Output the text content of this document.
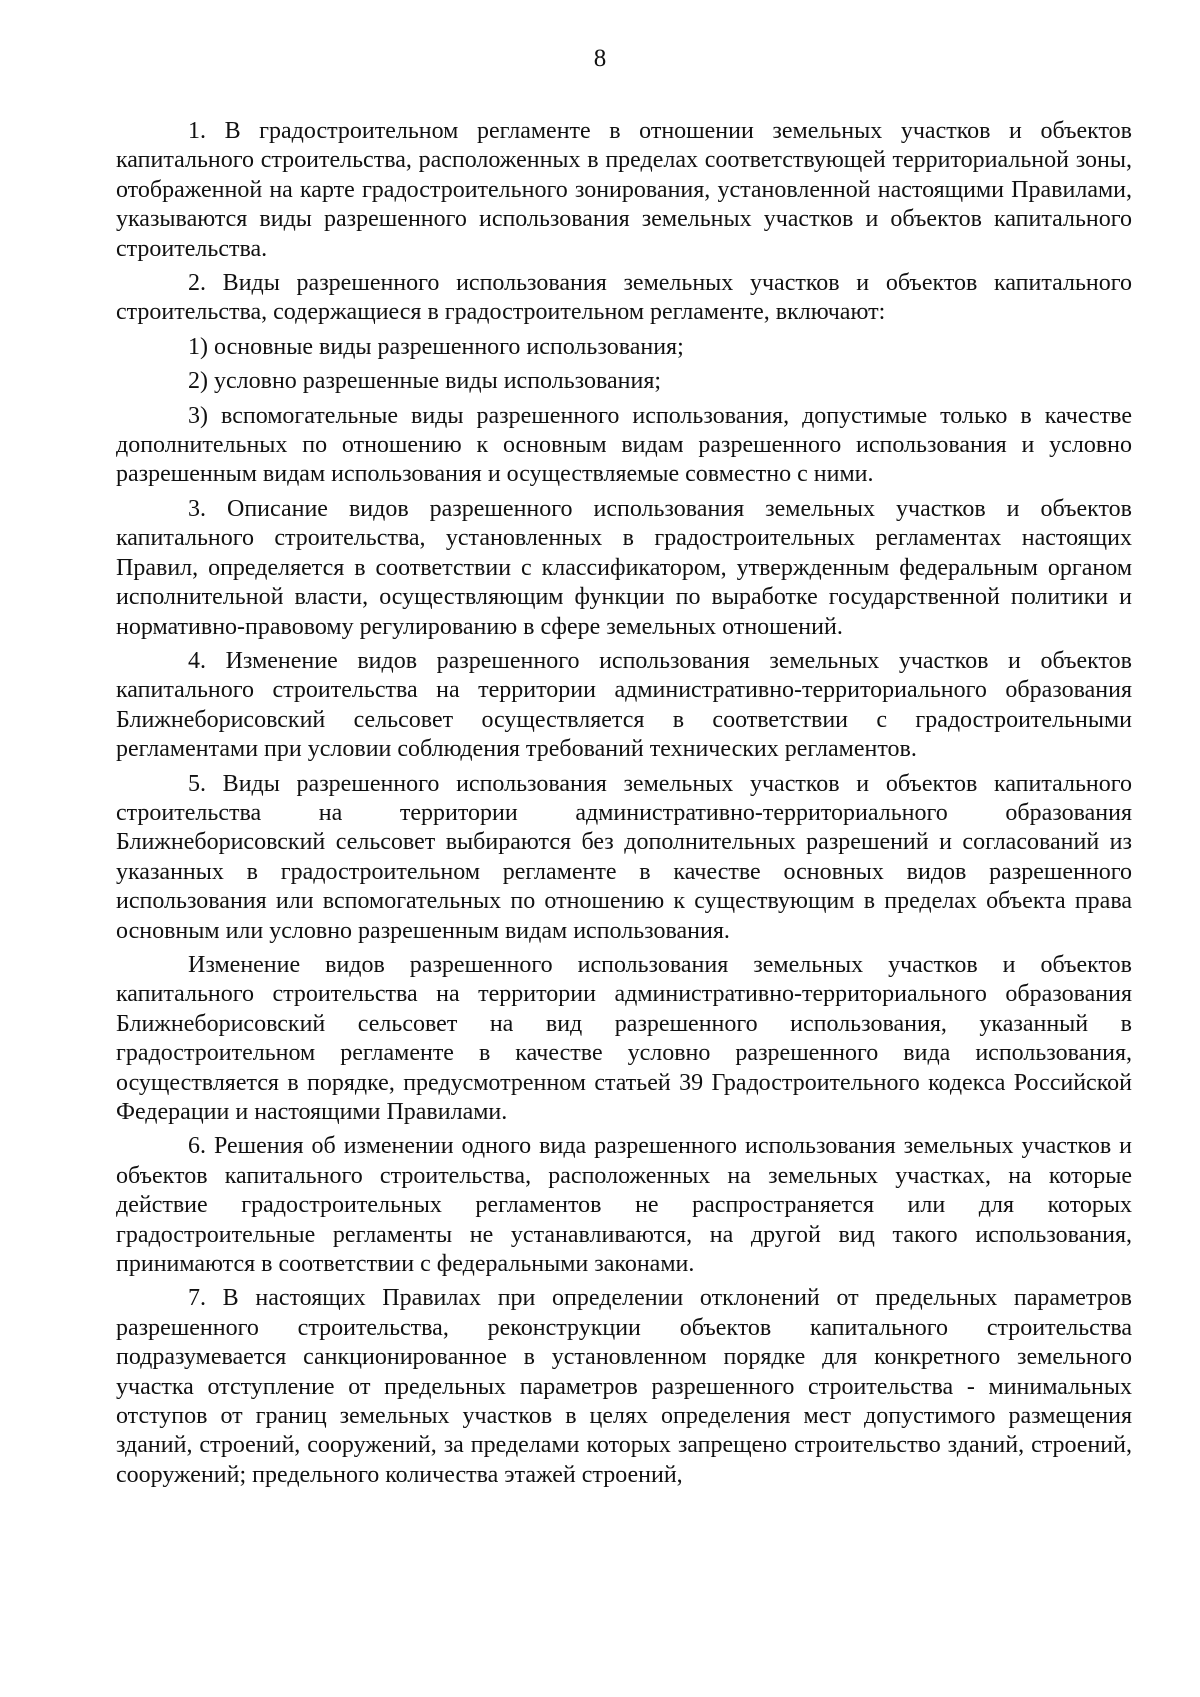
8

1. В градостроительном регламенте в отношении земельных участков и объектов капитального строительства, расположенных в пределах соответствующей территориальной зоны, отображенной на карте градостроительного зонирования, установленной настоящими Правилами, указываются виды разрешенного использования земельных участков и объектов капитального строительства.

2. Виды разрешенного использования земельных участков и объектов капитального строительства, содержащиеся в градостроительном регламенте, включают:

1) основные виды разрешенного использования;

2) условно разрешенные виды использования;

3) вспомогательные виды разрешенного использования, допустимые только в качестве дополнительных по отношению к основным видам разрешенного использования и условно разрешенным видам использования и осуществляемые совместно с ними.

3. Описание видов разрешенного использования земельных участков и объектов капитального строительства, установленных в градостроительных регламентах настоящих Правил, определяется в соответствии с классификатором, утвержденным федеральным органом исполнительной власти, осуществляющим функции по выработке государственной политики и нормативно-правовому регулированию в сфере земельных отношений.

4. Изменение видов разрешенного использования земельных участков и объектов капитального строительства на территории административно-территориального образования Ближнеборисовский сельсовет осуществляется в соответствии с градостроительными регламентами при условии соблюдения требований технических регламентов.

5. Виды разрешенного использования земельных участков и объектов капитального строительства на территории административно-территориального образования Ближнеборисовский сельсовет выбираются без дополнительных разрешений и согласований из указанных в градостроительном регламенте в качестве основных видов разрешенного использования или вспомогательных по отношению к существующим в пределах объекта права основным или условно разрешенным видам использования.

Изменение видов разрешенного использования земельных участков и объектов капитального строительства на территории административно-территориального образования Ближнеборисовский сельсовет на вид разрешенного использования, указанный в градостроительном регламенте в качестве условно разрешенного вида использования, осуществляется в порядке, предусмотренном статьей 39 Градостроительного кодекса Российской Федерации и настоящими Правилами.

6. Решения об изменении одного вида разрешенного использования земельных участков и объектов капитального строительства, расположенных на земельных участках, на которые действие градостроительных регламентов не распространяется или для которых градостроительные регламенты не устанавливаются, на другой вид такого использования, принимаются в соответствии с федеральными законами.

7. В настоящих Правилах при определении отклонений от предельных параметров разрешенного строительства, реконструкции объектов капитального строительства подразумевается санкционированное в установленном порядке для конкретного земельного участка отступление от предельных параметров разрешенного строительства - минимальных отступов от границ земельных участков в целях определения мест допустимого размещения зданий, строений, сооружений, за пределами которых запрещено строительство зданий, строений, сооружений; предельного количества этажей строений,
